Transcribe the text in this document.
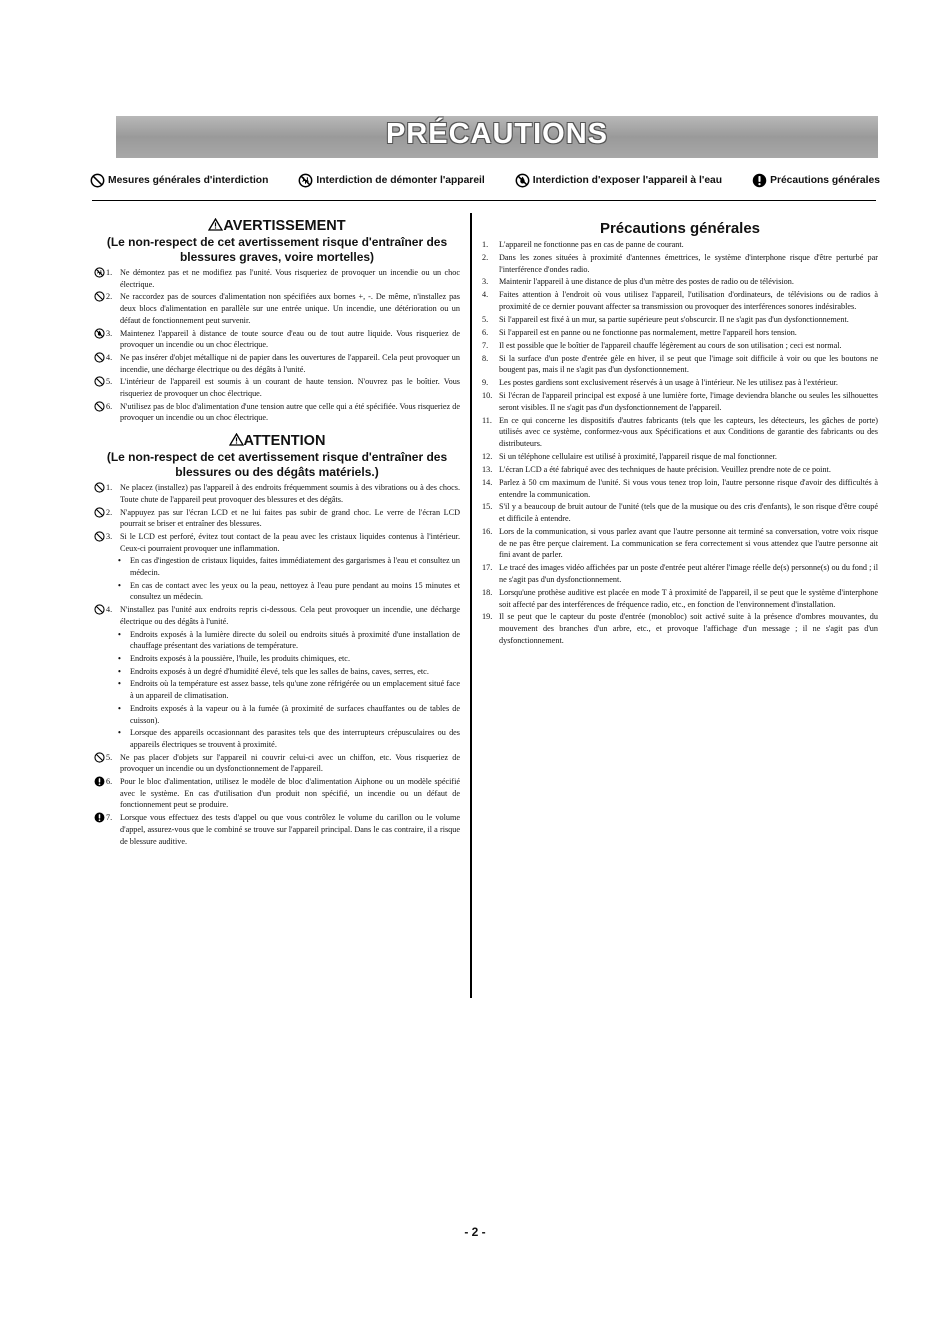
PRÉCAUTIONS
Mesures générales d'interdiction	Interdiction de démonter l'appareil	Interdiction d'exposer l'appareil à l'eau	Précautions générales
AVERTISSEMENT
(Le non-respect de cet avertissement risque d'entraîner des blessures graves, voire mortelles)
1. Ne démontez pas et ne modifiez pas l'unité. Vous risqueriez de provoquer un incendie ou un choc électrique.
2. Ne raccordez pas de sources d'alimentation non spécifiées aux bornes +, -. De même, n'installez pas deux blocs d'alimentation en parallèle sur une entrée unique. Un incendie, une détérioration ou un défaut de fonctionnement peut survenir.
3. Maintenez l'appareil à distance de toute source d'eau ou de tout autre liquide. Vous risqueriez de provoquer un incendie ou un choc électrique.
4. Ne pas insérer d'objet métallique ni de papier dans les ouvertures de l'appareil. Cela peut provoquer un incendie, une décharge électrique ou des dégâts à l'unité.
5. L'intérieur de l'appareil est soumis à un courant de haute tension. N'ouvrez pas le boîtier. Vous risqueriez de provoquer un choc électrique.
6. N'utilisez pas de bloc d'alimentation d'une tension autre que celle qui a été spécifiée. Vous risqueriez de provoquer un incendie ou un choc électrique.
ATTENTION
(Le non-respect de cet avertissement risque d'entraîner des blessures ou des dégâts matériels.)
1. Ne placez (installez) pas l'appareil à des endroits fréquemment soumis à des vibrations ou à des chocs. Toute chute de l'appareil peut provoquer des blessures et des dégâts.
2. N'appuyez pas sur l'écran LCD et ne lui faites pas subir de grand choc. Le verre de l'écran LCD pourrait se briser et entraîner des blessures.
3. Si le LCD est perforé, évitez tout contact de la peau avec les cristaux liquides contenus à l'intérieur. Ceux-ci pourraient provoquer une inflammation.
•	En cas d'ingestion de cristaux liquides, faites immédiatement des gargarismes à l'eau et consultez un médecin.
•	En cas de contact avec les yeux ou la peau, nettoyez à l'eau pure pendant au moins 15 minutes et consultez un médecin.
4. N'installez pas l'unité aux endroits repris ci-dessous. Cela peut provoquer un incendie, une décharge électrique ou des dégâts à l'unité.
•	Endroits exposés à la lumière directe du soleil ou endroits situés à proximité d'une installation de chauffage présentant des variations de température.
•	Endroits exposés à la poussière, l'huile, les produits chimiques, etc.
•	Endroits exposés à un degré d'humidité élevé, tels que les salles de bains, caves, serres, etc.
•	Endroits où la température est assez basse, tels qu'une zone réfrigérée ou un emplacement situé face à un appareil de climatisation.
•	Endroits exposés à la vapeur ou à la fumée (à proximité de surfaces chauffantes ou de tables de cuisson).
•	Lorsque des appareils occasionnant des parasites tels que des interrupteurs crépusculaires ou des appareils électriques se trouvent à proximité.
5. Ne pas placer d'objets sur l'appareil ni couvrir celui-ci avec un chiffon, etc. Vous risqueriez de provoquer un incendie ou un dysfonctionnement de l'appareil.
6. Pour le bloc d'alimentation, utilisez le modèle de bloc d'alimentation Aiphone ou un modèle spécifié avec le système. En cas d'utilisation d'un produit non spécifié, un incendie ou un défaut de fonctionnement peut se produire.
7. Lorsque vous effectuez des tests d'appel ou que vous contrôlez le volume du carillon ou le volume d'appel, assurez-vous que le combiné se trouve sur l'appareil principal. Dans le cas contraire, il a risque de blessure auditive.
Précautions générales
1.	L'appareil ne fonctionne pas en cas de panne de courant.
2.	Dans les zones situées à proximité d'antennes émettrices, le système d'interphone risque d'être perturbé par l'interférence d'ondes radio.
3.	Maintenir l'appareil à une distance de plus d'un mètre des postes de radio ou de télévision.
4.	Faites attention à l'endroit où vous utilisez l'appareil, l'utilisation d'ordinateurs, de télévisions ou de radios à proximité de ce dernier pouvant affecter sa transmission ou provoquer des interférences sonores indésirables.
5.	Si l'appareil est fixé à un mur, sa partie supérieure peut s'obscurcir. Il ne s'agit pas d'un dysfonctionnement.
6.	Si l'appareil est en panne ou ne fonctionne pas normalement, mettre l'appareil hors tension.
7.	Il est possible que le boîtier de l'appareil chauffe légèrement au cours de son utilisation ; ceci est normal.
8.	Si la surface d'un poste d'entrée gèle en hiver, il se peut que l'image soit difficile à voir ou que les boutons ne bougent pas, mais il ne s'agit pas d'un dysfonctionnement.
9.	Les postes gardiens sont exclusivement réservés à un usage à l'intérieur. Ne les utilisez pas à l'extérieur.
10. Si l'écran de l'appareil principal est exposé à une lumière forte, l'image deviendra blanche ou seules les silhouettes seront visibles. Il ne s'agit pas d'un dysfonctionnement de l'appareil.
11. En ce qui concerne les dispositifs d'autres fabricants (tels que les capteurs, les détecteurs, les gâches de porte) utilisés avec ce système, conformez-vous aux Spécifications et aux Conditions de garantie des fabricants ou des distributeurs.
12. Si un téléphone cellulaire est utilisé à proximité, l'appareil risque de mal fonctionner.
13. L'écran LCD a été fabriqué avec des techniques de haute précision. Veuillez prendre note de ce point.
14. Parlez à 50 cm maximum de l'unité. Si vous vous tenez trop loin, l'autre personne risque d'avoir des difficultés à entendre la communication.
15. S'il y a beaucoup de bruit autour de l'unité (tels que de la musique ou des cris d'enfants), le son risque d'être coupé et difficile à entendre.
16. Lors de la communication, si vous parlez avant que l'autre personne ait terminé sa conversation, votre voix risque de ne pas être perçue clairement. La communication se fera correctement si vous attendez que l'autre personne ait fini avant de parler.
17. Le tracé des images vidéo affichées par un poste d'entrée peut altérer l'image réelle de(s) personne(s) ou du fond ; il ne s'agit pas d'un dysfonctionnement.
18. Lorsqu'une prothèse auditive est placée en mode T à proximité de l'appareil, il se peut que le système d'interphone soit affecté par des interférences de fréquence radio, etc., en fonction de l'environnement d'installation.
19. Il se peut que le capteur du poste d'entrée (monobloc) soit activé suite à la présence d'ombres mouvantes, du mouvement des branches d'un arbre, etc., et provoque l'affichage d'un message ; il ne s'agit pas d'un dysfonctionnement.
- 2 -
